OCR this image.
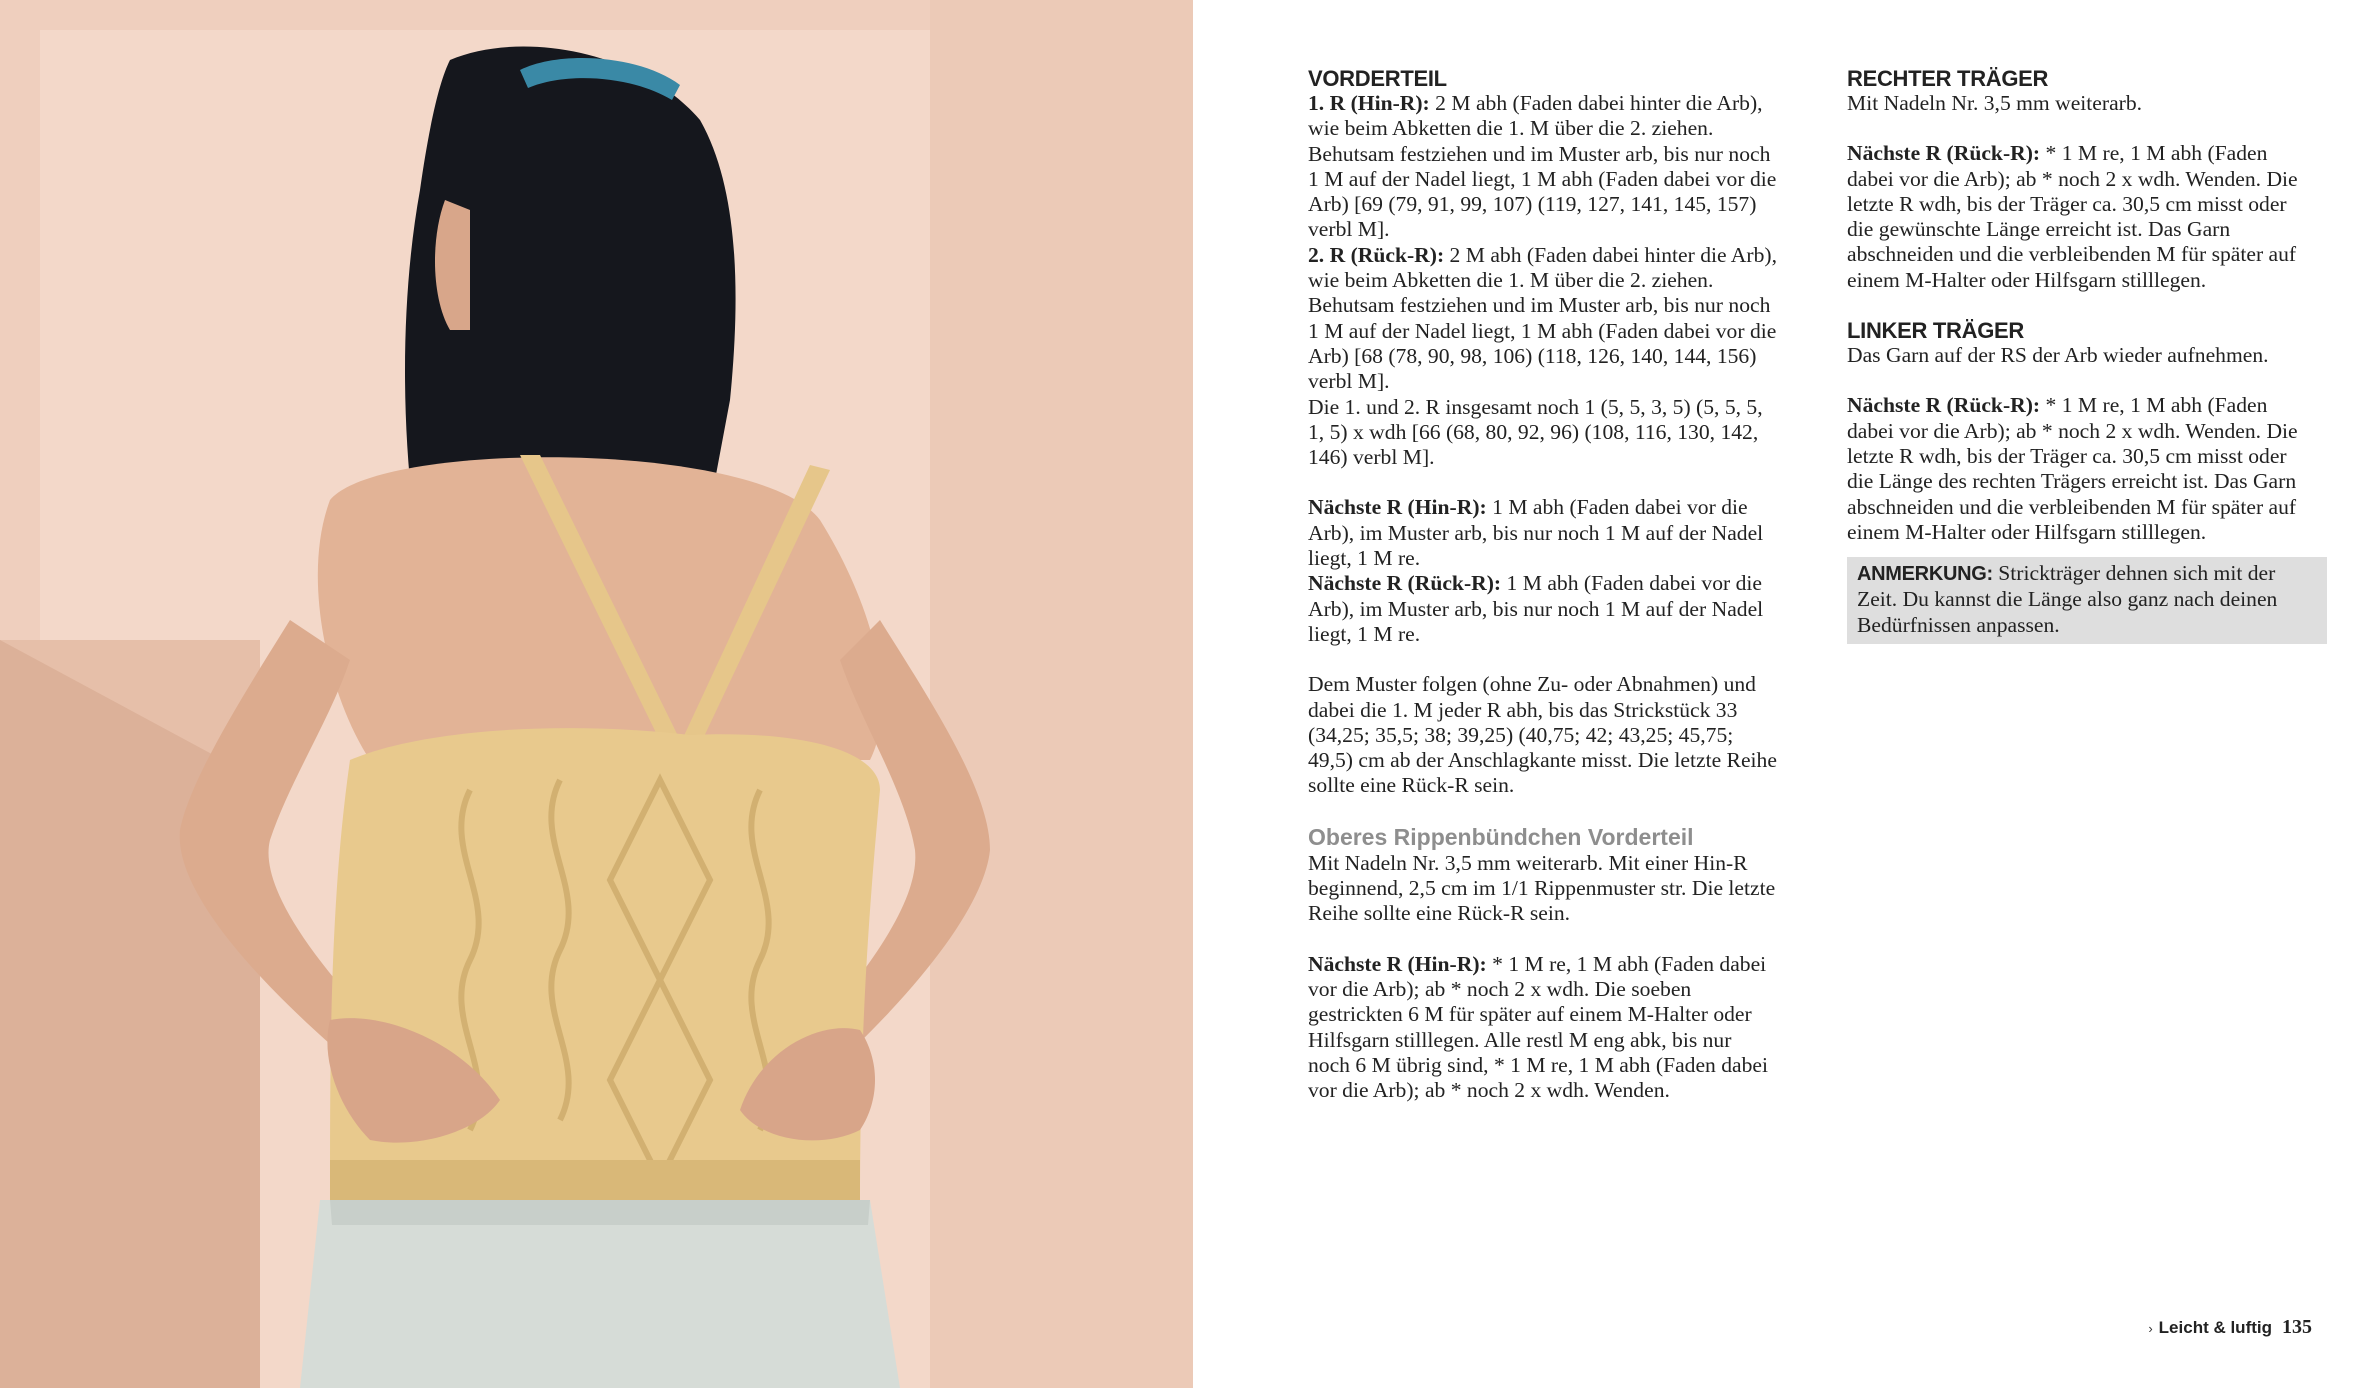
VORDERTEIL

1. R (Hin-R): 2 M abh (Faden dabei hinter die Arb), wie beim Abketten die 1. M über die 2. ziehen. Behutsam festziehen und im Muster arb, bis nur noch 1 M auf der Nadel liegt, 1 M abh (Faden dabei vor die Arb) [69 (79, 91, 99, 107) (119, 127, 141, 145, 157) verbl M].

2. R (Rück-R): 2 M abh (Faden dabei hinter die Arb), wie beim Abketten die 1. M über die 2. ziehen. Behutsam festziehen und im Muster arb, bis nur noch 1 M auf der Nadel liegt, 1 M abh (Faden dabei vor die Arb) [68 (78, 90, 98, 106) (118, 126, 140, 144, 156) verbl M].

Die 1. und 2. R insgesamt noch 1 (5, 5, 3, 5) (5, 5, 5, 1, 5) x wdh [66 (68, 80, 92, 96) (108, 116, 130, 142, 146) verbl M].

Nächste R (Hin-R): 1 M abh (Faden dabei vor die Arb), im Muster arb, bis nur noch 1 M auf der Nadel liegt, 1 M re.

Nächste R (Rück-R): 1 M abh (Faden dabei vor die Arb), im Muster arb, bis nur noch 1 M auf der Nadel liegt, 1 M re.

Dem Muster folgen (ohne Zu- oder Abnahmen) und dabei die 1. M jeder R abh, bis das Strickstück 33 (34,25; 35,5; 38; 39,25) (40,75; 42; 43,25; 45,75; 49,5) cm ab der Anschlagkante misst. Die letzte Reihe sollte eine Rück-R sein.

Oberes Rippenbündchen Vorderteil

Mit Nadeln Nr. 3,5 mm weiterarb. Mit einer Hin-R beginnend, 2,5 cm im 1/1 Rippenmuster str. Die letzte Reihe sollte eine Rück-R sein.

Nächste R (Hin-R): * 1 M re, 1 M abh (Faden dabei vor die Arb); ab * noch 2 x wdh. Die soeben gestrickten 6 M für später auf einem M-Halter oder Hilfsgarn stilllegen. Alle restl M eng abk, bis nur noch 6 M übrig sind, * 1 M re, 1 M abh (Faden dabei vor die Arb); ab * noch 2 x wdh. Wenden.

RECHTER TRÄGER

Mit Nadeln Nr. 3,5 mm weiterarb.

Nächste R (Rück-R): * 1 M re, 1 M abh (Faden dabei vor die Arb); ab * noch 2 x wdh. Wenden. Die letzte R wdh, bis der Träger ca. 30,5 cm misst oder die gewünschte Länge erreicht ist. Das Garn abschneiden und die verbleibenden M für später auf einem M-Halter oder Hilfsgarn stilllegen.

LINKER TRÄGER

Das Garn auf der RS der Arb wieder aufnehmen.

Nächste R (Rück-R): * 1 M re, 1 M abh (Faden dabei vor die Arb); ab * noch 2 x wdh. Wenden. Die letzte R wdh, bis der Träger ca. 30,5 cm misst oder die Länge des rechten Trägers erreicht ist. Das Garn abschneiden und die verbleibenden M für später auf einem M-Halter oder Hilfsgarn stilllegen.

ANMERKUNG: Strickträger dehnen sich mit der Zeit. Du kannst die Länge also ganz nach deinen Bedürfnissen anpassen.
› Leicht & luftig 135
